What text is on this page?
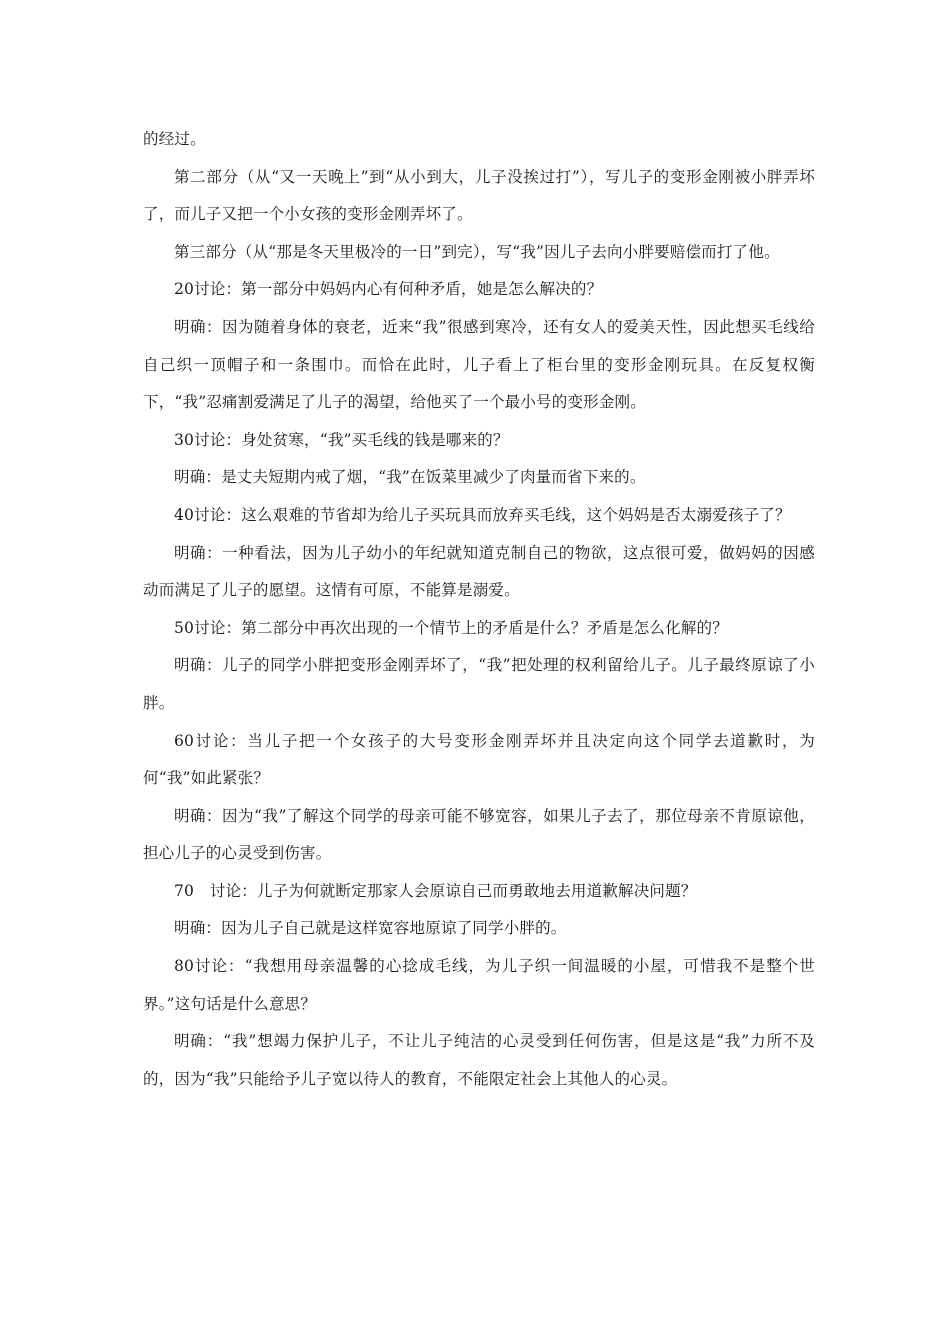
的经过。

第二部分（从“又一天晚上”到“从小到大，儿子没挨过打”），写儿子的变形金刚被小胖弄坏了，而儿子又把一个小女孩的变形金刚弄坏了。

第三部分（从“那是冬天里极冷的一日”到完），写“我”因儿子去向小胖要赔偿而打了他。

20讨论：第一部分中妈妈内心有何种矛盾，她是怎么解决的？

明确：因为随着身体的衰老，近来“我”很感到寒冷，还有女人的爱美天性，因此想买毛线给自己织一顶帽子和一条围巾。而恰在此时，儿子看上了柜台里的变形金刚玩具。在反复权衡下，“我”忍痛割爱满足了儿子的渴望，给他买了一个最小号的变形金刚。

30讨论：身处贫寒，“我”买毛线的钱是哪来的？

明确：是丈夫短期内戒了烟，“我”在饭菜里减少了肉量而省下来的。

40讨论：这么艰难的节省却为给儿子买玩具而放弃买毛线，这个妈妈是否太溺爱孩子了？

明确：一种看法，因为儿子幼小的年纪就知道克制自己的物欲，这点很可爱，做妈妈的因感动而满足了儿子的愿望。这情有可原，不能算是溺爱。

50讨论：第二部分中再次出现的一个情节上的矛盾是什么？矛盾是怎么化解的？

明确：儿子的同学小胖把变形金刚弄坏了，“我”把处理的权利留给儿子。儿子最终原谅了小胖。

60讨论：当儿子把一个女孩子的大号变形金刚弄坏并且决定向这个同学去道歉时，为何“我”如此紧张？

明确：因为“我”了解这个同学的母亲可能不够宽容，如果儿子去了，那位母亲不肯原谅他，担心儿子的心灵受到伤害。

70　讨论：儿子为何就断定那家人会原谅自己而勇敢地去用道歉解决问题？

明确：因为儿子自己就是这样宽容地原谅了同学小胖的。

80讨论：“我想用母亲温馨的心捻成毛线，为儿子织一间温暖的小屋，可惜我不是整个世界。”这句话是什么意思？

明确：“我”想竭力保护儿子，不让儿子纯洁的心灵受到任何伤害，但是这是“我”力所不及的，因为“我”只能给予儿子宽以待人的教育，不能限定社会上其他人的心灵。
